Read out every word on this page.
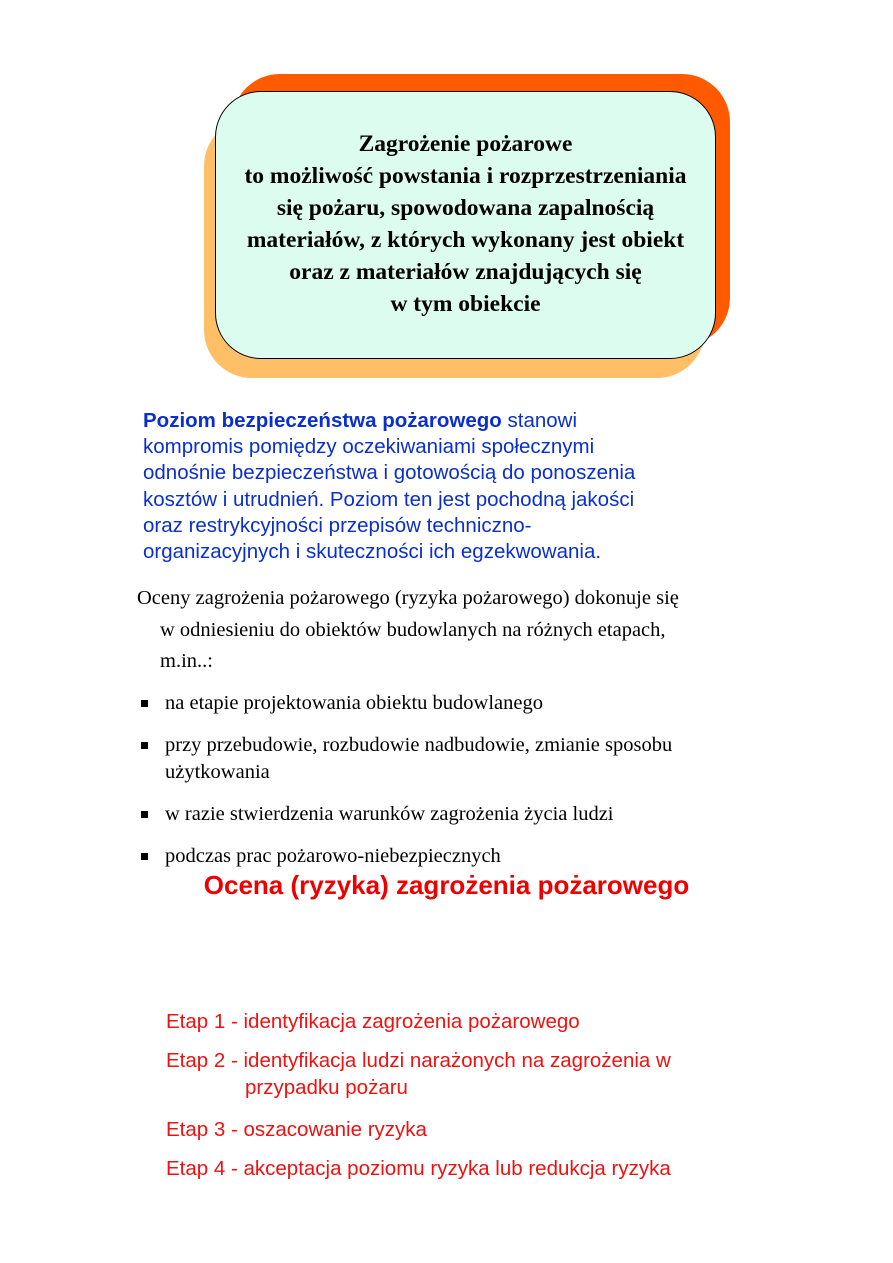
Zagrożenie pożarowe
to możliwość powstania i rozprzestrzeniania
się pożaru, spowodowana zapalnością
materiałów, z których wykonany jest obiekt
oraz z materiałów znajdujących się
w tym obiekcie
Poziom bezpieczeństwa pożarowego stanowi
kompromis pomiędzy oczekiwaniami społecznymi
odnośnie bezpieczeństwa i gotowością do ponoszenia
kosztów i utrudnień. Poziom ten jest pochodną jakości
oraz restrykcyjności przepisów techniczno-
organizacyjnych i skuteczności ich egzekwowania.
Oceny zagrożenia pożarowego (ryzyka pożarowego) dokonuje się
w odniesieniu do obiektów budowlanych na różnych etapach,
m.in..:
na etapie projektowania obiektu budowlanego
przy przebudowie, rozbudowie nadbudowie, zmianie sposobu
użytkowania
w razie stwierdzenia warunków zagrożenia życia ludzi
podczas prac pożarowo-niebezpiecznych
Ocena (ryzyka) zagrożenia pożarowego
Etap 1 - identyfikacja zagrożenia pożarowego
Etap 2 - identyfikacja ludzi narażonych na zagrożenia w
przypadku pożaru
Etap 3 - oszacowanie ryzyka
Etap 4 - akceptacja poziomu ryzyka lub redukcja ryzyka
